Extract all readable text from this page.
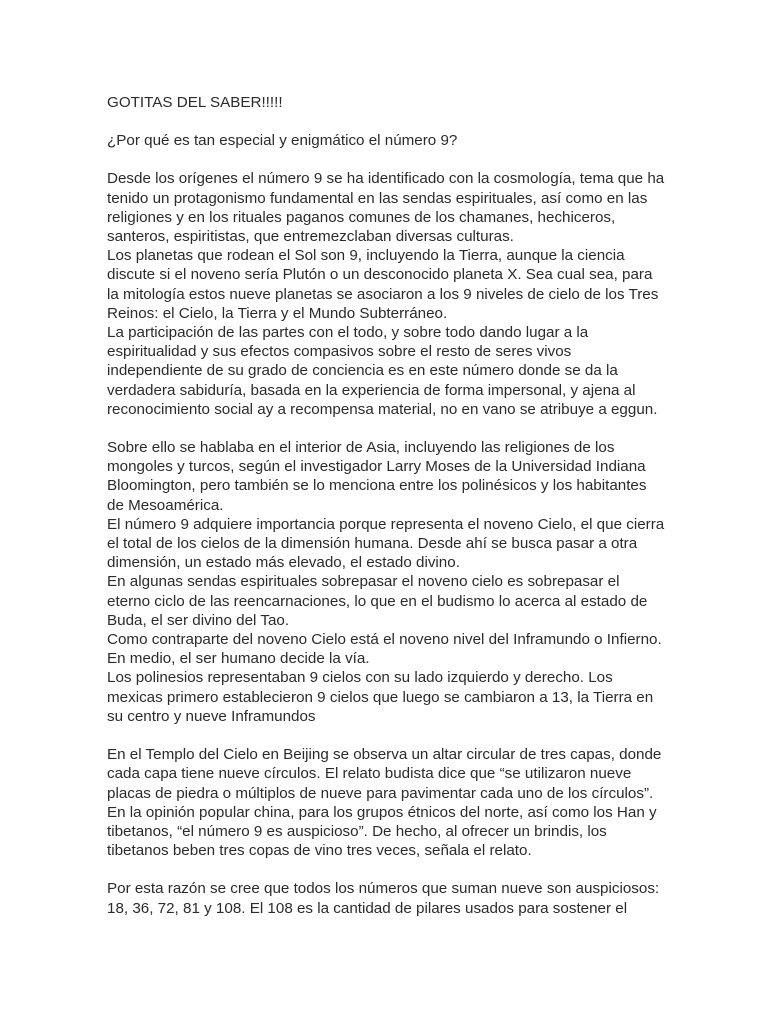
GOTITAS DEL SABER!!!!!

¿Por qué es tan especial y enigmático el número 9?

Desde los orígenes el número 9 se ha identificado con la cosmología, tema que ha
tenido un protagonismo fundamental en las sendas espirituales, así como en las
religiones y en los rituales paganos comunes de los chamanes, hechiceros,
santeros, espiritistas, que entremezclaban diversas culturas.

Los planetas que rodean el Sol son 9, incluyendo la Tierra, aunque la ciencia
discute si el noveno sería Plutón o un desconocido planeta X. Sea cual sea, para
la mitología estos nueve planetas se asociaron a los 9 niveles de cielo de los Tres
Reinos: el Cielo, la Tierra y el Mundo Subterráneo.

La participación de las partes con el todo, y sobre todo dando lugar a la
espiritualidad y sus efectos compasivos sobre el resto de seres vivos
independiente de su grado de conciencia es en este número donde se da la
verdadera sabiduría, basada en la experiencia de forma impersonal, y ajena al
reconocimiento social ay a recompensa material, no en vano se atribuye a eggun.

Sobre ello se hablaba en el interior de Asia, incluyendo las religiones de los
mongoles y turcos, según el investigador Larry Moses de la Universidad Indiana
Bloomington, pero también se lo menciona entre los polinésicos y los habitantes
de Mesoamérica.

El número 9 adquiere importancia porque representa el noveno Cielo, el que cierra
el total de los cielos de la dimensión humana. Desde ahí se busca pasar a otra
dimensión, un estado más elevado, el estado divino.

En algunas sendas espirituales sobrepasar el noveno cielo es sobrepasar el
eterno ciclo de las reencarnaciones, lo que en el budismo lo acerca al estado de
Buda, el ser divino del Tao.

Como contraparte del noveno Cielo está el noveno nivel del Inframundo o Infierno.
En medio, el ser humano decide la vía.

Los polinesios representaban 9 cielos con su lado izquierdo y derecho. Los
mexicas primero establecieron 9 cielos que luego se cambiaron a 13, la Tierra en
su centro y nueve Inframundos

En el Templo del Cielo en Beijing se observa un altar circular de tres capas, donde
cada capa tiene nueve círculos. El relato budista dice que “se utilizaron nueve
placas de piedra o múltiplos de nueve para pavimentar cada uno de los círculos”.

En la opinión popular china, para los grupos étnicos del norte, así como los Han y
tibetanos, “el número 9 es auspicioso”. De hecho, al ofrecer un brindis, los
tibetanos beben tres copas de vino tres veces, señala el relato.

Por esta razón se cree que todos los números que suman nueve son auspiciosos:
18, 36, 72, 81 y 108. El 108 es la cantidad de pilares usados para sostener el
